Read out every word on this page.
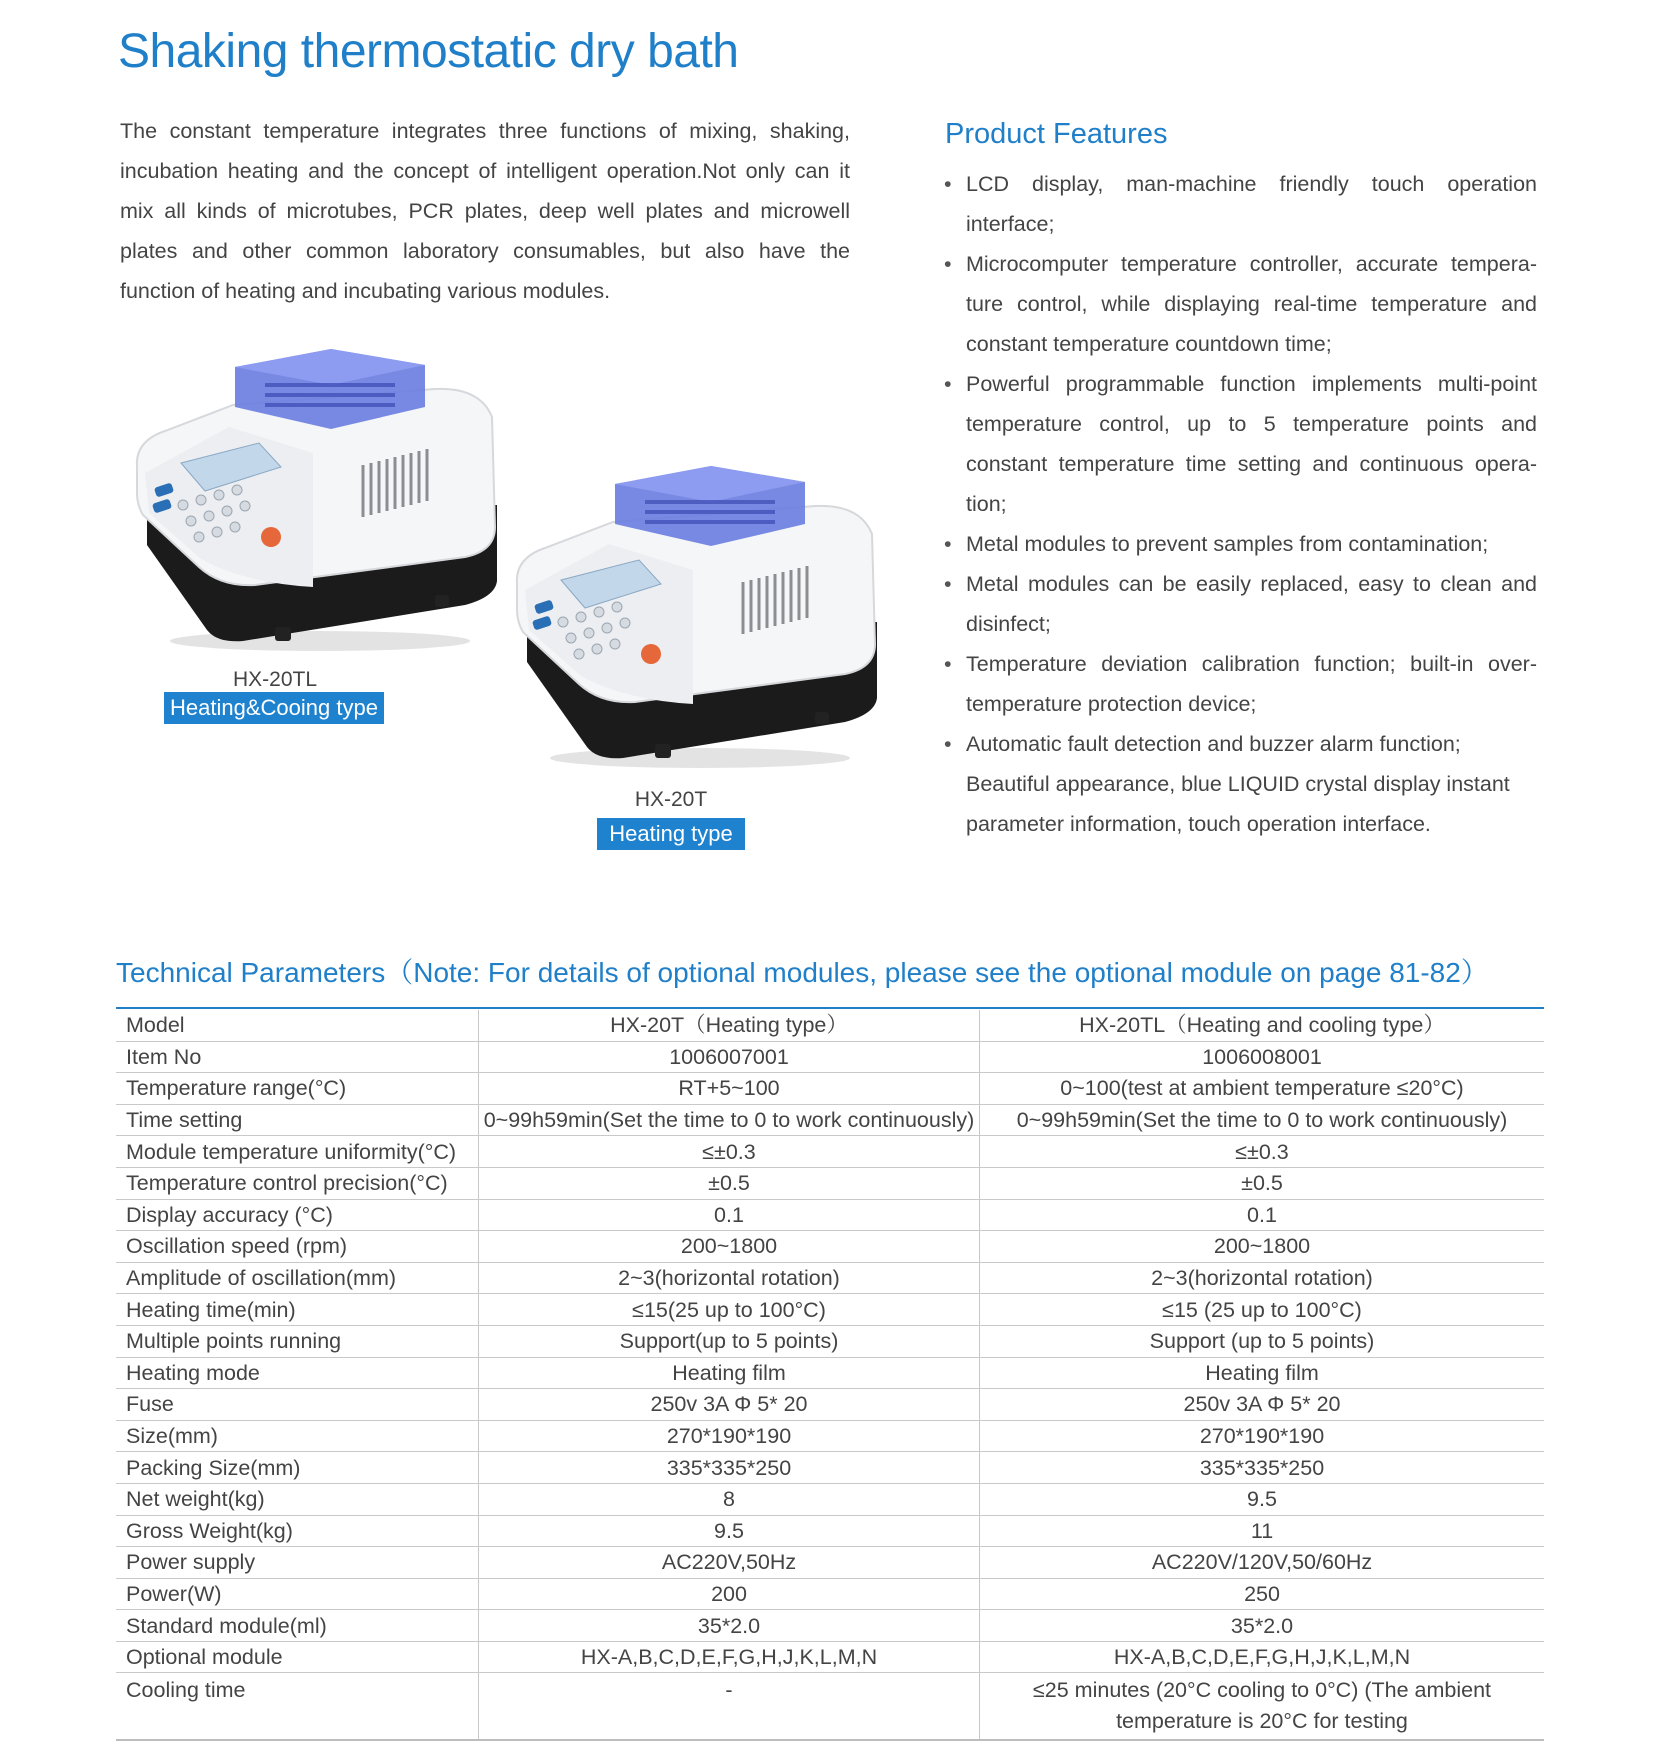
Shaking thermostatic dry bath

The constant temperature integrates three functions of mixing, shaking, incubation heating and the concept of intelligent operation.Not only can it mix all kinds of microtubes, PCR plates, deep well plates and microwell plates and other common laboratory consumables, but also have the function of heating and incubating various modules.

HX-20TL
Heating&Cooing type
HX-20T
Heating type
Product Features
• LCD display, man-machine friendly touch operation interface;
• Microcomputer temperature controller, accurate tempera-ture control, while displaying real-time temperature and constant temperature countdown time;
• Powerful programmable function implements multi-point temperature control, up to 5 temperature points and constant temperature time setting and continuous opera-tion;
• Metal modules to prevent samples from contamination;
• Metal modules can be easily replaced, easy to clean and disinfect;
• Temperature deviation calibration function; built-in over-temperature protection device;
• Automatic fault detection and buzzer alarm function;
Beautiful appearance, blue LIQUID crystal display instant parameter information, touch operation interface.
Technical Parameters（Note: For details of optional modules, please see the optional module on page 81-82）
Model	HX-20T（Heating type）	HX-20TL（Heating and cooling type）
Item No	1006007001	1006008001
Temperature range(°C)	RT+5~100	0~100(test at ambient temperature ≤20°C)
Time setting	0~99h59min(Set the time to 0 to work continuously)	0~99h59min(Set the time to 0 to work continuously)
Module temperature uniformity(°C)	≤±0.3	≤±0.3
Temperature control precision(°C)	±0.5	±0.5
Display accuracy (°C)	0.1	0.1
Oscillation speed (rpm)	200~1800	200~1800
Amplitude of oscillation(mm)	2~3(horizontal rotation)	2~3(horizontal rotation)
Heating time(min)	≤15(25 up to 100°C)	≤15 (25 up to 100°C)
Multiple points running	Support(up to 5 points)	Support (up to 5 points)
Heating mode	Heating film	Heating film
Fuse	250v 3A Φ 5* 20	250v 3A Φ 5* 20
Size(mm)	270*190*190	270*190*190
Packing Size(mm)	335*335*250	335*335*250
Net weight(kg)	8	9.5
Gross Weight(kg)	9.5	11
Power supply	AC220V,50Hz	AC220V/120V,50/60Hz
Power(W)	200	250
Standard module(ml)	35*2.0	35*2.0
Optional module	HX-A,B,C,D,E,F,G,H,J,K,L,M,N	HX-A,B,C,D,E,F,G,H,J,K,L,M,N
Cooling time	-	≤25 minutes (20°C cooling to 0°C) (The ambient temperature is 20°C for testing
